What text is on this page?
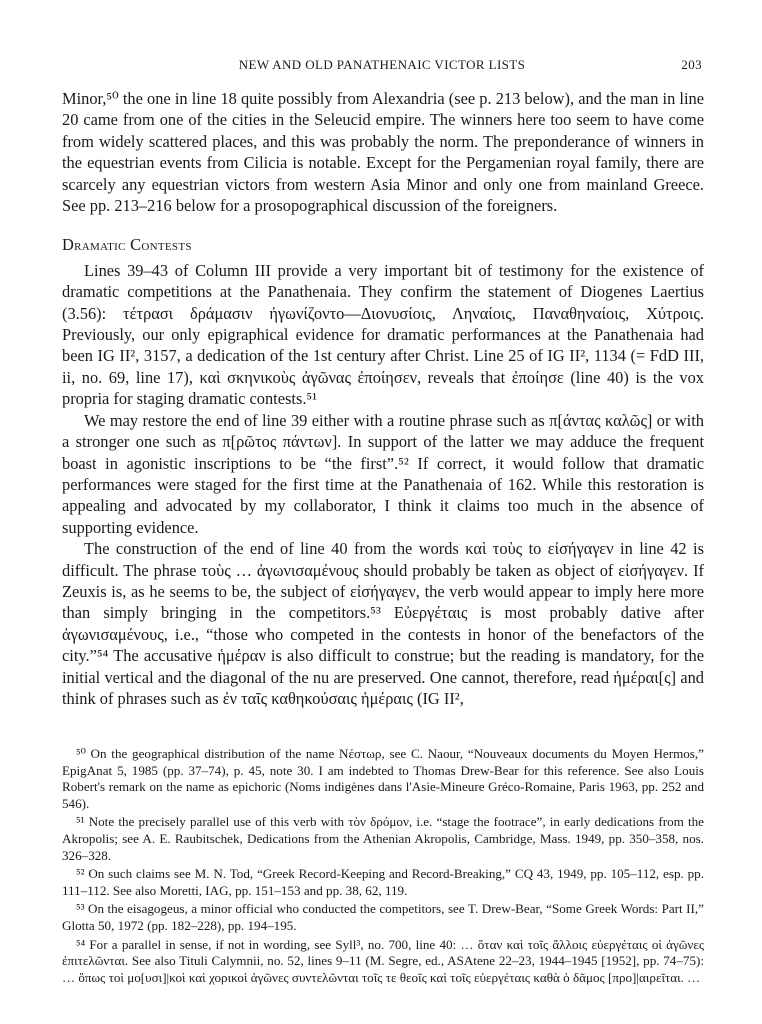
NEW AND OLD PANATHENAIC VICTOR LISTS	203

Minor,⁵⁰ the one in line 18 quite possibly from Alexandria (see p. 213 below), and the man in line 20 came from one of the cities in the Seleucid empire. The winners here too seem to have come from widely scattered places, and this was probably the norm. The preponderance of winners in the equestrian events from Cilicia is notable. Except for the Pergamenian royal family, there are scarcely any equestrian victors from western Asia Minor and only one from mainland Greece. See pp. 213–216 below for a prosopographical discussion of the foreigners.

Dramatic Contests

Lines 39–43 of Column III provide a very important bit of testimony for the existence of dramatic competitions at the Panathenaia. They confirm the statement of Diogenes Laertius (3.56): τέτρασι δράμασιν ἠγωνίζοντο—Διονυσίοις, Ληναίοις, Παναθηναίοις, Χύτροις. Previously, our only epigraphical evidence for dramatic performances at the Panathenaia had been IG II², 3157, a dedication of the 1st century after Christ. Line 25 of IG II², 1134 (= FdD III, ii, no. 69, line 17), καὶ σκηνικοὺς ἀγῶνας ἐποίησεν, reveals that ἐποίησε (line 40) is the vox propria for staging dramatic contests.⁵¹

We may restore the end of line 39 either with a routine phrase such as π[άντας καλῶς] or with a stronger one such as π[ρῶτος πάντων]. In support of the latter we may adduce the frequent boast in agonistic inscriptions to be “the first”.⁵² If correct, it would follow that dramatic performances were staged for the first time at the Panathenaia of 162. While this restoration is appealing and advocated by my collaborator, I think it claims too much in the absence of supporting evidence.

The construction of the end of line 40 from the words καὶ τοὺς to εἰσήγαγεν in line 42 is difficult. The phrase τοὺς … ἀγωνισαμένους should probably be taken as object of εἰσήγαγεν. If Zeuxis is, as he seems to be, the subject of εἰσήγαγεν, the verb would appear to imply here more than simply bringing in the competitors.⁵³ Εὐεργέταις is most probably dative after ἀγωνισαμένους, i.e., “those who competed in the contests in honor of the benefactors of the city.”⁵⁴ The accusative ἡμέραν is also difficult to construe; but the reading is mandatory, for the initial vertical and the diagonal of the nu are preserved. One cannot, therefore, read ἡμέραι[ς] and think of phrases such as ἐν ταῖς καθηκούσαις ἡμέραις (IG II²,

⁵⁰ On the geographical distribution of the name Νέστωρ, see C. Naour, “Nouveaux documents du Moyen Hermos,” EpigAnat 5, 1985 (pp. 37–74), p. 45, note 30. I am indebted to Thomas Drew-Bear for this reference. See also Louis Robert's remark on the name as epichoric (Noms indigènes dans l'Asie-Mineure Gréco-Romaine, Paris 1963, pp. 252 and 546).

⁵¹ Note the precisely parallel use of this verb with τὸν δρόμον, i.e. “stage the footrace”, in early dedications from the Akropolis; see A. E. Raubitschek, Dedications from the Athenian Akropolis, Cambridge, Mass. 1949, pp. 350–358, nos. 326–328.

⁵² On such claims see M. N. Tod, “Greek Record-Keeping and Record-Breaking,” CQ 43, 1949, pp. 105–112, esp. pp. 111–112. See also Moretti, IAG, pp. 151–153 and pp. 38, 62, 119.

⁵³ On the eisagogeus, a minor official who conducted the competitors, see T. Drew-Bear, “Some Greek Words: Part II,” Glotta 50, 1972 (pp. 182–228), pp. 194–195.

⁵⁴ For a parallel in sense, if not in wording, see Syll³, no. 700, line 40: … ὅταν καὶ τοῖς ἄλλοις εὐεργέταις οἱ ἀγῶνες ἐπιτελῶνται. See also Tituli Calymnii, no. 52, lines 9–11 (M. Segre, ed., ASAtene 22–23, 1944–1945 [1952], pp. 74–75): … ὅπως τοὶ μο[υσι]|κοὶ καὶ χορικοὶ ἀγῶνες συντελῶνται τοῖς τε θεοῖς καὶ τοῖς εὐεργέταις καθὰ ὁ δᾶμος [προ]|αιρεῖται. …
